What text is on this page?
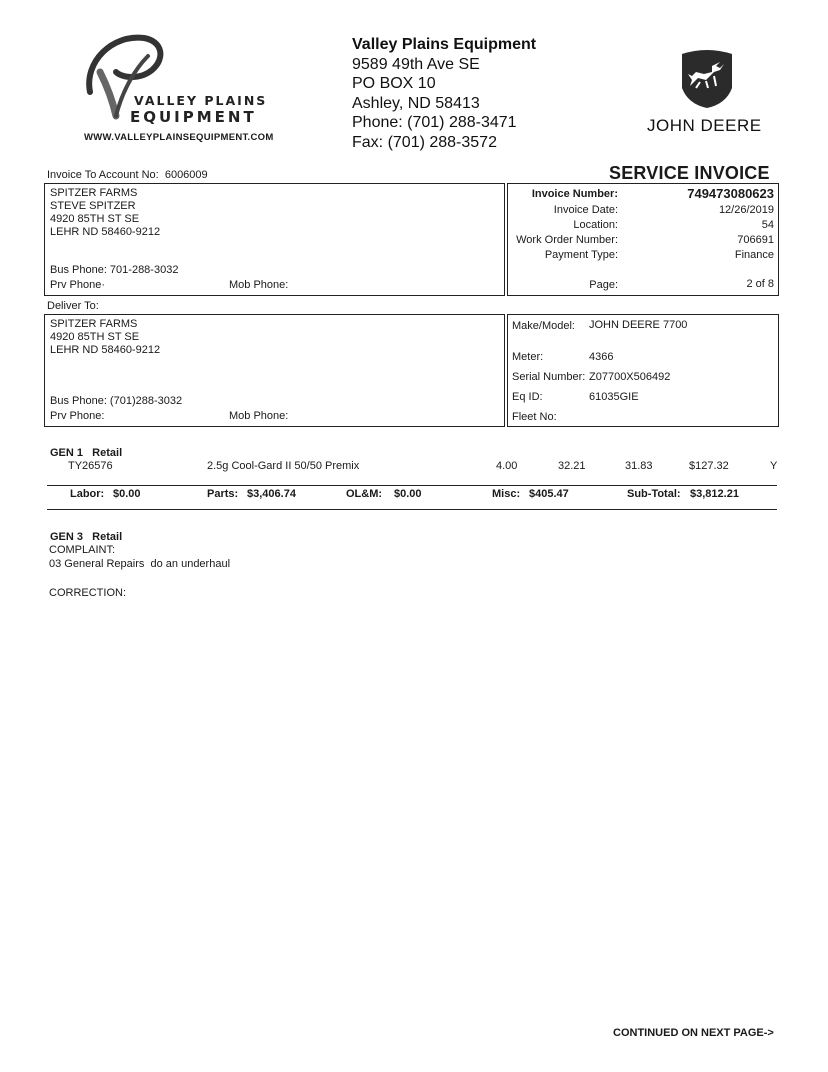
VALLEY PLAINS
EQUIPMENT
WWW.VALLEYPLAINSEQUIPMENT.COM
Valley Plains Equipment
9589 49th Ave SE
PO BOX 10
Ashley, ND 58413
Phone: (701) 288-3471
Fax: (701) 288-3572
JOHN DEERE
Invoice To Account No: 6006009	SERVICE INVOICE
SPITZER FARMS
STEVE SPITZER
4920 85TH ST SE
LEHR ND 58460-9212
Bus Phone: 701-288-3032
Prv Phone·	Mob Phone:
Invoice Number:	749473080623
Invoice Date:	12/26/2019
Location:	54
Work Order Number:	706691
Payment Type:	Finance
Page:	2 of 8
Deliver To:
SPITZER FARMS
4920 85TH ST SE
LEHR ND 58460-9212
Bus Phone: (701)288-3032
Prv Phone:	Mob Phone:
Make/Model: JOHN DEERE 7700
Meter:	4366
Serial Number: Z07700X506492
Eq ID:	61035GIE
Fleet No:
GEN 1   Retail
TY26576	2.5g Cool-Gard II 50/50 Premix	4.00	32.21	31.83	$127.32	Y
Labor: $0.00	Parts: $3,406.74	OL&M: $0.00	Misc: $405.47	Sub-Total: $3,812.21
GEN 3   Retail
COMPLAINT:
03 General Repairs  do an underhaul
CORRECTION:
CONTINUED ON NEXT PAGE->
